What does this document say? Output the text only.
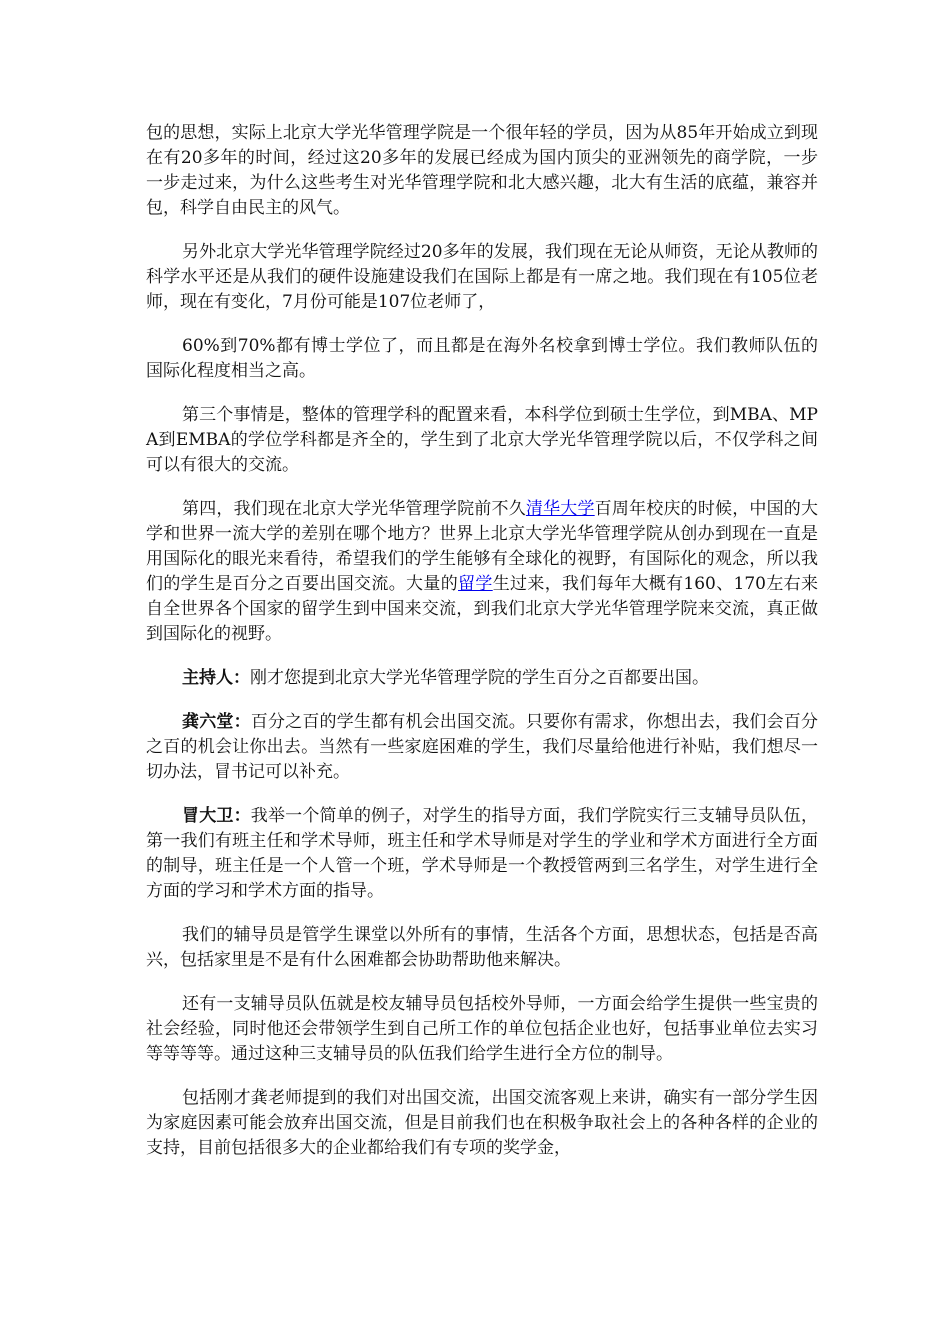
包的思想，实际上北京大学光华管理学院是一个很年轻的学员，因为从85年开始成立到现在有20多年的时间，经过这20多年的发展已经成为国内顶尖的亚洲领先的商学院，一步一步走过来，为什么这些考生对光华管理学院和北大感兴趣，北大有生活的底蕴，兼容并包，科学自由民主的风气。

另外北京大学光华管理学院经过20多年的发展，我们现在无论从师资，无论从教师的科学水平还是从我们的硬件设施建设我们在国际上都是有一席之地。我们现在有105位老师，现在有变化，7月份可能是107位老师了，

60%到70%都有博士学位了，而且都是在海外名校拿到博士学位。我们教师队伍的国际化程度相当之高。

第三个事情是，整体的管理学科的配置来看，本科学位到硕士生学位，到MBA、MPA到EMBA的学位学科都是齐全的，学生到了北京大学光华管理学院以后，不仅学科之间可以有很大的交流。

第四，我们现在北京大学光华管理学院前不久清华大学百周年校庆的时候，中国的大学和世界一流大学的差别在哪个地方？世界上北京大学光华管理学院从创办到现在一直是用国际化的眼光来看待，希望我们的学生能够有全球化的视野，有国际化的观念，所以我们的学生是百分之百要出国交流。大量的留学生过来，我们每年大概有160、170左右来自全世界各个国家的留学生到中国来交流，到我们北京大学光华管理学院来交流，真正做到国际化的视野。

主持人：刚才您提到北京大学光华管理学院的学生百分之百都要出国。

龚六堂：百分之百的学生都有机会出国交流。只要你有需求，你想出去，我们会百分之百的机会让你出去。当然有一些家庭困难的学生，我们尽量给他进行补贴，我们想尽一切办法，冒书记可以补充。

冒大卫：我举一个简单的例子，对学生的指导方面，我们学院实行三支辅导员队伍，第一我们有班主任和学术导师，班主任和学术导师是对学生的学业和学术方面进行全方面的制导，班主任是一个人管一个班，学术导师是一个教授管两到三名学生，对学生进行全方面的学习和学术方面的指导。

我们的辅导员是管学生课堂以外所有的事情，生活各个方面，思想状态，包括是否高兴，包括家里是不是有什么困难都会协助帮助他来解决。

还有一支辅导员队伍就是校友辅导员包括校外导师，一方面会给学生提供一些宝贵的社会经验，同时他还会带领学生到自己所工作的单位包括企业也好，包括事业单位去实习等等等等。通过这种三支辅导员的队伍我们给学生进行全方位的制导。

包括刚才龚老师提到的我们对出国交流，出国交流客观上来讲，确实有一部分学生因为家庭因素可能会放弃出国交流，但是目前我们也在积极争取社会上的各种各样的企业的支持，目前包括很多大的企业都给我们有专项的奖学金，
